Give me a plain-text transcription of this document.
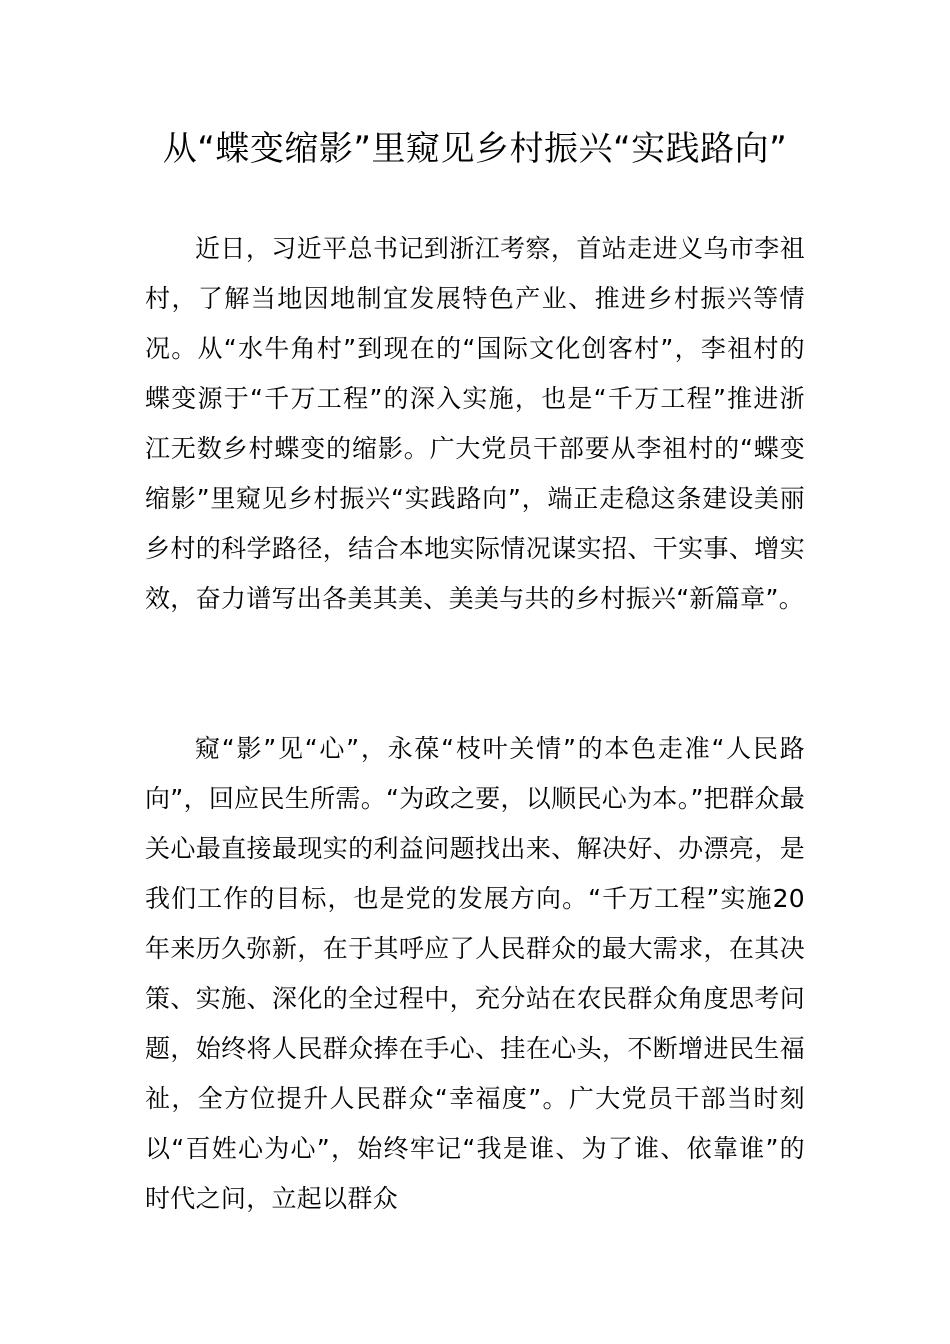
从“蝶变缩影”里窥见乡村振兴“实践路向”

近日，习近平总书记到浙江考察，首站走进义乌市李祖村，了解当地因地制宜发展特色产业、推进乡村振兴等情况。从“水牛角村”到现在的“国际文化创客村”，李祖村的蝶变源于“千万工程”的深入实施，也是“千万工程”推进浙江无数乡村蝶变的缩影。广大党员干部要从李祖村的“蝶变缩影”里窥见乡村振兴“实践路向”，端正走稳这条建设美丽乡村的科学路径，结合本地实际情况谋实招、干实事、增实效，奋力谱写出各美其美、美美与共的乡村振兴“新篇章”。

窥“影”见“心”，永葆“枝叶关情”的本色走准“人民路向”，回应民生所需。“为政之要，以顺民心为本。”把群众最关心最直接最现实的利益问题找出来、解决好、办漂亮，是我们工作的目标，也是党的发展方向。“千万工程”实施20年来历久弥新，在于其呼应了人民群众的最大需求，在其决策、实施、深化的全过程中，充分站在农民群众角度思考问题，始终将人民群众捧在手心、挂在心头，不断增进民生福祉，全方位提升人民群众“幸福度”。广大党员干部当时刻以“百姓心为心”，始终牢记“我是谁、为了谁、依靠谁”的时代之问，立起以群众
